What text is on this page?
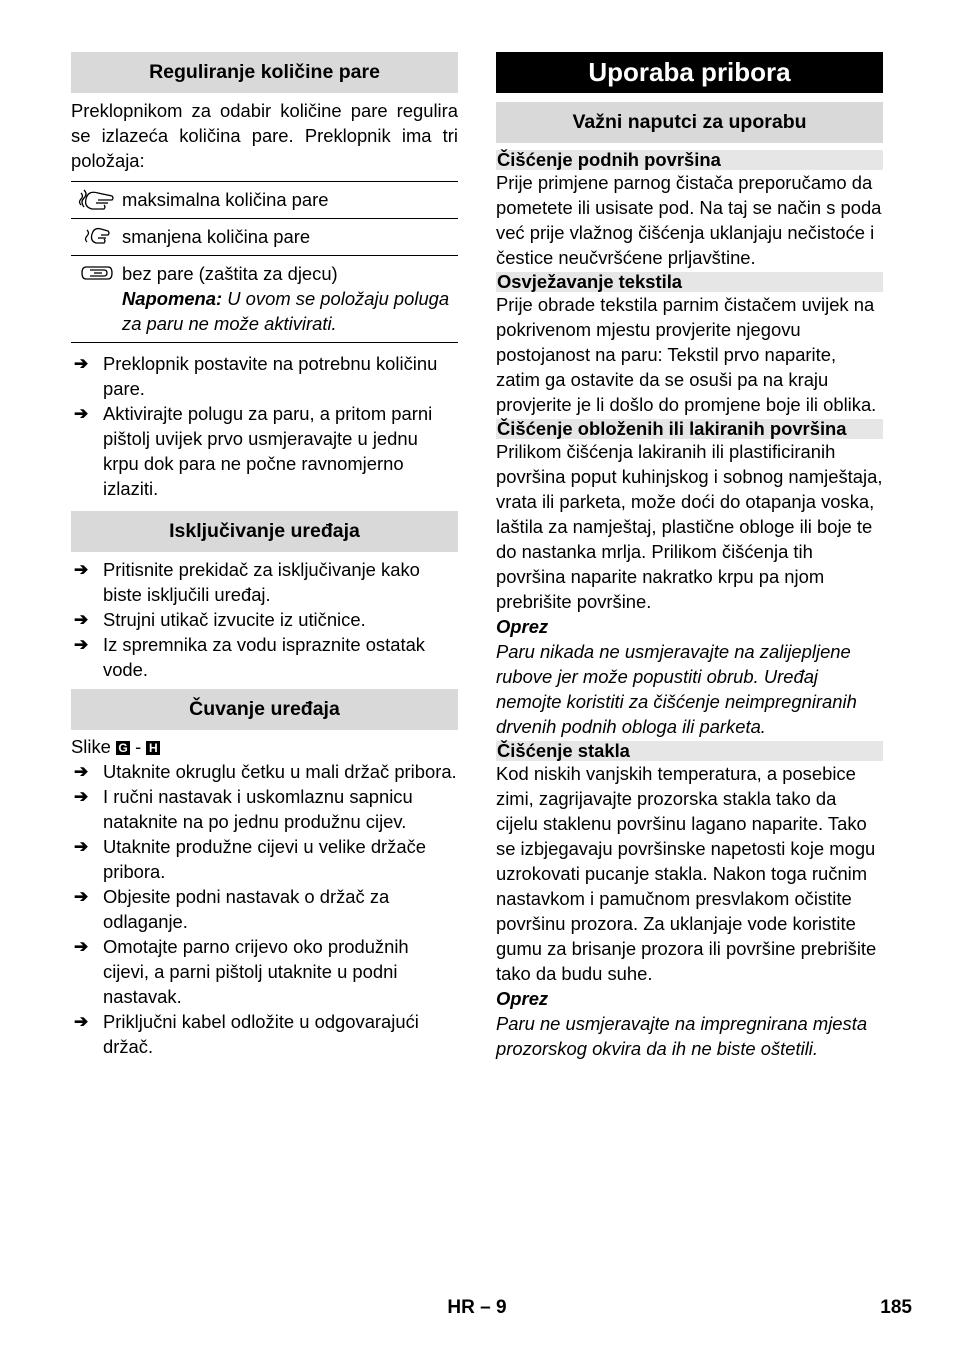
Reguliranje količine pare

Preklopnikom za odabir količine pare regulira se izlazeća količina pare. Preklopnik ima tri položaja:

maksimalna količina pare
smanjena količina pare
bez pare (zaštita za djecu)
Napomena: U ovom se položaju poluga za paru ne može aktivirati.
➔ Preklopnik postavite na potrebnu količinu pare.
➔ Aktivirajte polugu za paru, a pritom parni pištolj uvijek prvo usmjeravajte u jednu krpu dok para ne počne ravnomjerno izlaziti.
Isključivanje uređaja
➔ Pritisnite prekidač za isključivanje kako biste isključili uređaj.
➔ Strujni utikač izvucite iz utičnice.
➔ Iz spremnika za vodu ispraznite ostatak vode.
Čuvanje uređaja
Slike G - H
➔ Utaknite okruglu četku u mali držač pribora.
➔ I ručni nastavak i uskomlaznu sapnicu nataknite na po jednu produžnu cijev.
➔ Utaknite produžne cijevi u velike držače pribora.
➔ Objesite podni nastavak o držač za odlaganje.
➔ Omotajte parno crijevo oko produžnih cijevi, a parni pištolj utaknite u podni nastavak.
➔ Priključni kabel odložite u odgovarajući držač.
Uporaba pribora
Važni naputci za uporabu
Čišćenje podnih površina

Prije primjene parnog čistača preporučamo da pometete ili usisate pod. Na taj se način s poda već prije vlažnog čišćenja uklanjaju nečistoće i čestice neučvršćene prljavštine.

Osvježavanje tekstila

Prije obrade tekstila parnim čistačem uvijek na pokrivenom mjestu provjerite njegovu postojanost na paru: Tekstil prvo naparite, zatim ga ostavite da se osuši pa na kraju provjerite je li došlo do promjene boje ili oblika.

Čišćenje obloženih ili lakiranih površina

Prilikom čišćenja lakiranih ili plastificiranih površina poput kuhinjskog i sobnog namještaja, vrata ili parketa, može doći do otapanja voska, laštila za namještaj, plastične obloge ili boje te do nastanka mrlja. Prilikom čišćenja tih površina naparite nakratko krpu pa njom prebrišite površine.

Oprez

Paru nikada ne usmjeravajte na zalijepljene rubove jer može popustiti obrub. Uređaj nemojte koristiti za čišćenje neimpregniranih drvenih podnih obloga ili parketa.

Čišćenje stakla

Kod niskih vanjskih temperatura, a posebice zimi, zagrijavajte prozorska stakla tako da cijelu staklenu površinu lagano naparite. Tako se izbjegavaju površinske napetosti koje mogu uzrokovati pucanje stakla. Nakon toga ručnim nastavkom i pamučnom presvlakom očistite površinu prozora. Za uklanjaje vode koristite gumu za brisanje prozora ili površine prebrišite tako da budu suhe.

Oprez

Paru ne usmjeravajte na impregnirana mjesta prozorskog okvira da ih ne biste oštetili.

HR – 9	185
